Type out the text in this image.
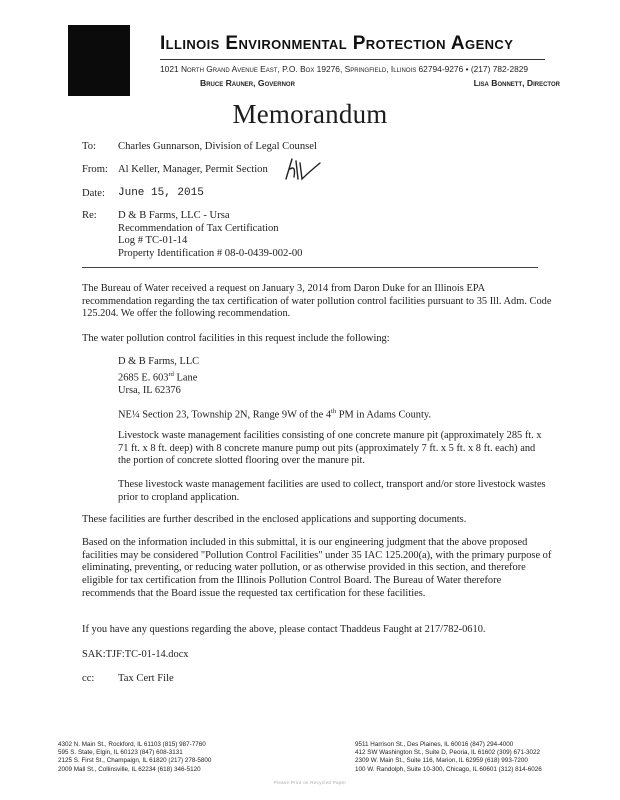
Illinois Environmental Protection Agency
1021 North Grand Avenue East, P.O. Box 19276, Springfield, Illinois 62794-9276 • (217) 782-2829
Bruce Rauner, Governor	Lisa Bonnett, Director
Memorandum
To: Charles Gunnarson, Division of Legal Counsel
From: Al Keller, Manager, Permit Section
Date: June 15, 2015
Re: D & B Farms, LLC - Ursa
Recommendation of Tax Certification
Log # TC-01-14
Property Identification # 08-0-0439-002-00
The Bureau of Water received a request on January 3, 2014 from Daron Duke for an Illinois EPA recommendation regarding the tax certification of water pollution control facilities pursuant to 35 Ill. Adm. Code 125.204. We offer the following recommendation.
The water pollution control facilities in this request include the following:
D & B Farms, LLC
2685 E. 603rd Lane
Ursa, IL 62376
NE¼ Section 23, Township 2N, Range 9W of the 4th PM in Adams County.
Livestock waste management facilities consisting of one concrete manure pit (approximately 285 ft. x 71 ft. x 8 ft. deep) with 8 concrete manure pump out pits (approximately 7 ft. x 5 ft. x 8 ft. each) and the portion of concrete slotted flooring over the manure pit.
These livestock waste management facilities are used to collect, transport and/or store livestock wastes prior to cropland application.
These facilities are further described in the enclosed applications and supporting documents.
Based on the information included in this submittal, it is our engineering judgment that the above proposed facilities may be considered "Pollution Control Facilities" under 35 IAC 125.200(a), with the primary purpose of eliminating, preventing, or reducing water pollution, or as otherwise provided in this section, and therefore eligible for tax certification from the Illinois Pollution Control Board. The Bureau of Water therefore recommends that the Board issue the requested tax certification for these facilities.
If you have any questions regarding the above, please contact Thaddeus Faught at 217/782-0610.
SAK:TJF:TC-01-14.docx
cc: Tax Cert File
4302 N. Main St., Rockford, IL 61103 (815) 987-7760
595 S. State, Elgin, IL 60123 (847) 608-3131
2125 S. First St., Champaign, IL 61820 (217) 278-5800
2009 Mall St., Collinsville, IL 62234 (618) 346-5120
9511 Harrison St., Des Plaines, IL 60016 (847) 294-4000
412 SW Washington St., Suite D, Peoria, IL 61602 (309) 671-3022
2309 W. Main St., Suite 116, Marion, IL 62959 (618) 993-7200
100 W. Randolph, Suite 10-300, Chicago, IL 60601 (312) 814-6026
Please Print on Recycled Paper
